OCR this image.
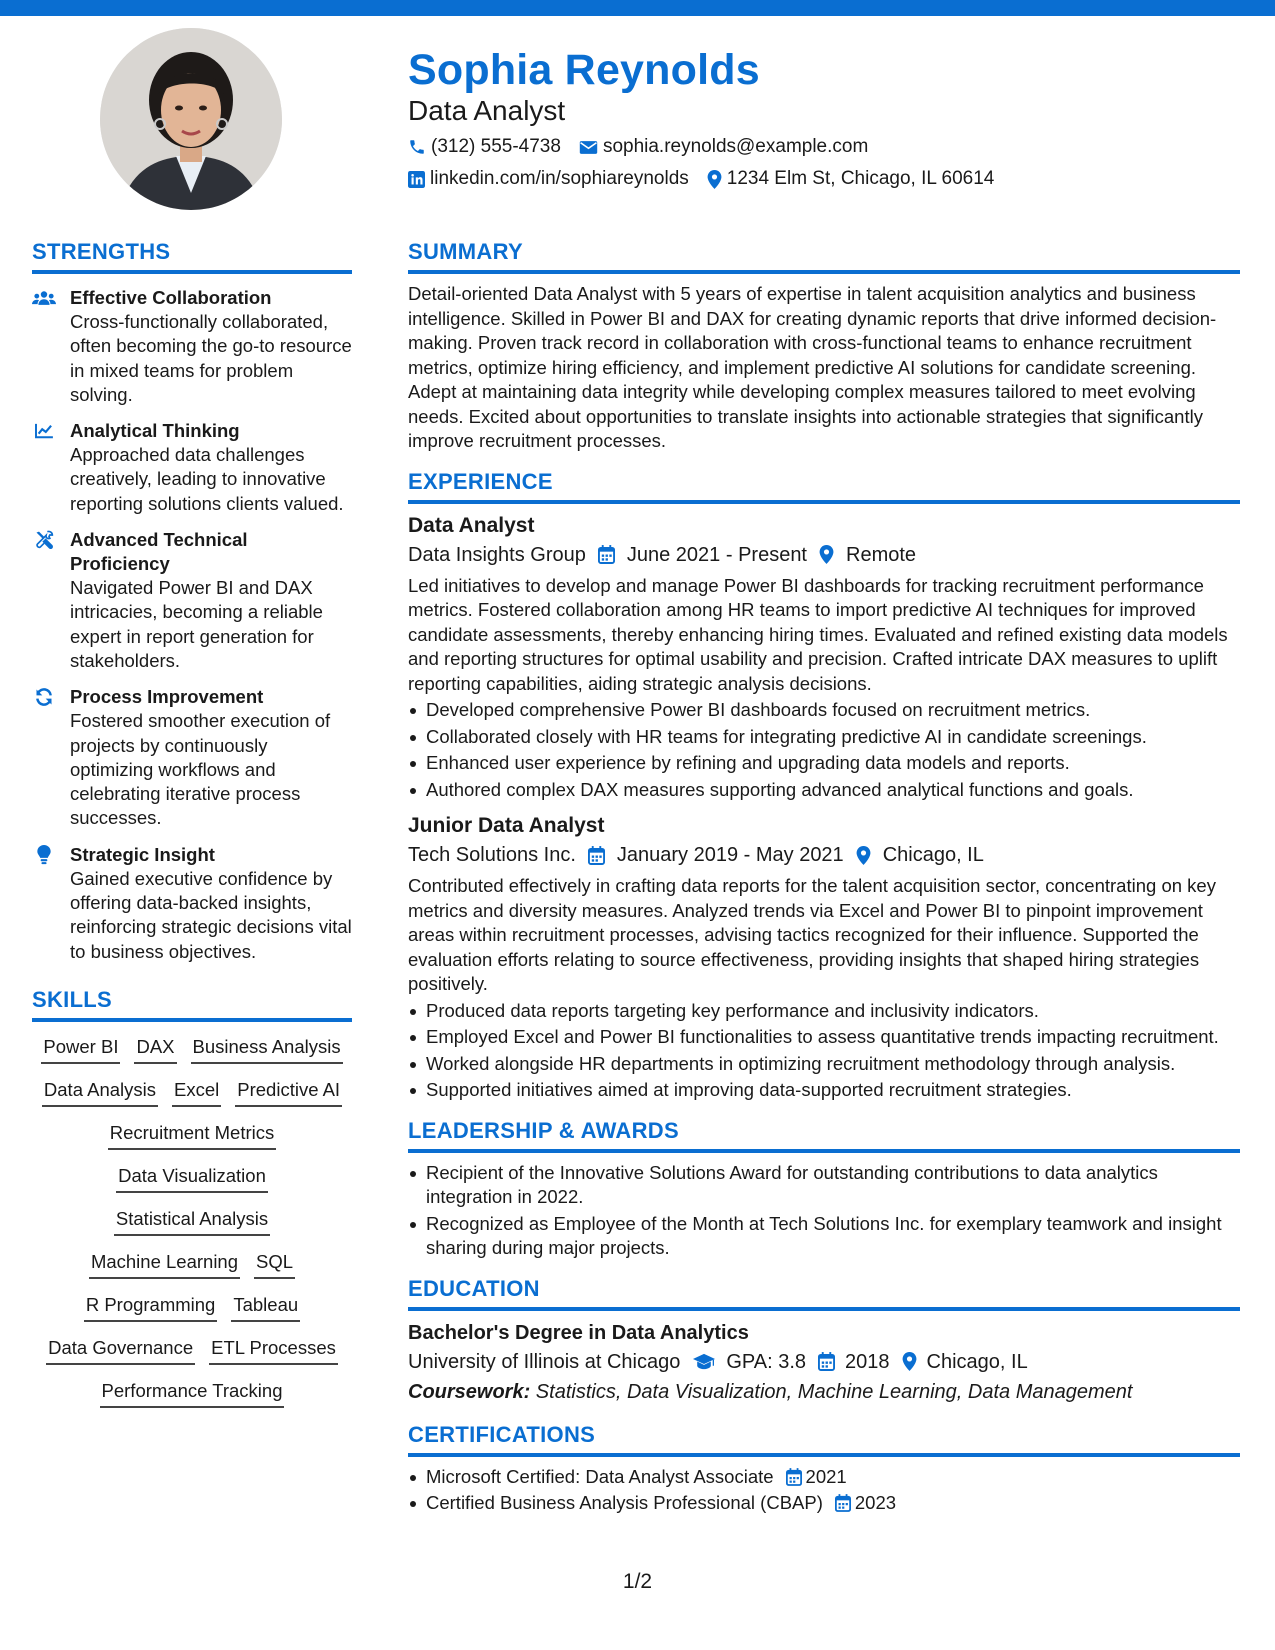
Sophia Reynolds
Data Analyst
(312) 555-4738 sophia.reynolds@example.com
linkedin.com/in/sophiareynolds 1234 Elm St, Chicago, IL 60614
STRENGTHS
Effective Collaboration
Cross-functionally collaborated, often becoming the go-to resource in mixed teams for problem solving.
Analytical Thinking
Approached data challenges creatively, leading to innovative reporting solutions clients valued.
Advanced Technical Proficiency
Navigated Power BI and DAX intricacies, becoming a reliable expert in report generation for stakeholders.
Process Improvement
Fostered smoother execution of projects by continuously optimizing workflows and celebrating iterative process successes.
Strategic Insight
Gained executive confidence by offering data-backed insights, reinforcing strategic decisions vital to business objectives.
SKILLS
Power BI DAX Business Analysis
Data Analysis Excel Predictive AI
Recruitment Metrics
Data Visualization
Statistical Analysis
Machine Learning SQL
R Programming Tableau
Data Governance ETL Processes
Performance Tracking
SUMMARY
Detail-oriented Data Analyst with 5 years of expertise in talent acquisition analytics and business intelligence. Skilled in Power BI and DAX for creating dynamic reports that drive informed decision-making. Proven track record in collaboration with cross-functional teams to enhance recruitment metrics, optimize hiring efficiency, and implement predictive AI solutions for candidate screening. Adept at maintaining data integrity while developing complex measures tailored to meet evolving needs. Excited about opportunities to translate insights into actionable strategies that significantly improve recruitment processes.
EXPERIENCE
Data Analyst
Data Insights Group June 2021 - Present Remote
Led initiatives to develop and manage Power BI dashboards for tracking recruitment performance metrics. Fostered collaboration among HR teams to import predictive AI techniques for improved candidate assessments, thereby enhancing hiring times. Evaluated and refined existing data models and reporting structures for optimal usability and precision. Crafted intricate DAX measures to uplift reporting capabilities, aiding strategic analysis decisions.
Developed comprehensive Power BI dashboards focused on recruitment metrics.
Collaborated closely with HR teams for integrating predictive AI in candidate screenings.
Enhanced user experience by refining and upgrading data models and reports.
Authored complex DAX measures supporting advanced analytical functions and goals.
Junior Data Analyst
Tech Solutions Inc. January 2019 - May 2021 Chicago, IL
Contributed effectively in crafting data reports for the talent acquisition sector, concentrating on key metrics and diversity measures. Analyzed trends via Excel and Power BI to pinpoint improvement areas within recruitment processes, advising tactics recognized for their influence. Supported the evaluation efforts relating to source effectiveness, providing insights that shaped hiring strategies positively.
Produced data reports targeting key performance and inclusivity indicators.
Employed Excel and Power BI functionalities to assess quantitative trends impacting recruitment.
Worked alongside HR departments in optimizing recruitment methodology through analysis.
Supported initiatives aimed at improving data-supported recruitment strategies.
LEADERSHIP & AWARDS
Recipient of the Innovative Solutions Award for outstanding contributions to data analytics integration in 2022.
Recognized as Employee of the Month at Tech Solutions Inc. for exemplary teamwork and insight sharing during major projects.
EDUCATION
Bachelor's Degree in Data Analytics
University of Illinois at Chicago GPA: 3.8 2018 Chicago, IL
Coursework: Statistics, Data Visualization, Machine Learning, Data Management
CERTIFICATIONS
Microsoft Certified: Data Analyst Associate 2021
Certified Business Analysis Professional (CBAP) 2023
1/2
